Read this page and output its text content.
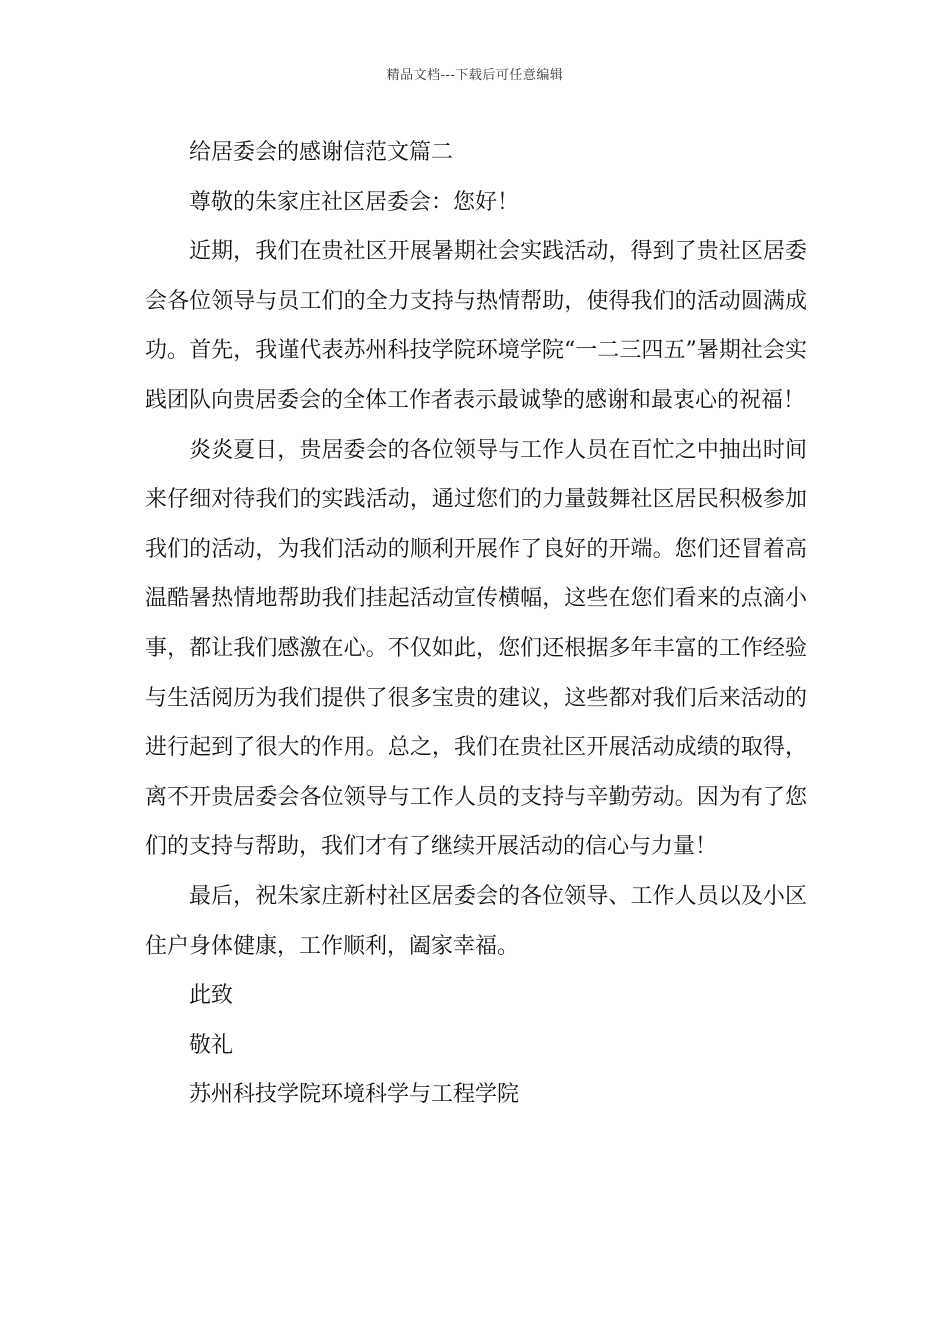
精品文档---下载后可任意编辑

给居委会的感谢信范文篇二

尊敬的朱家庄社区居委会：您好！

近期，我们在贵社区开展暑期社会实践活动，得到了贵社区居委会各位领导与员工们的全力支持与热情帮助，使得我们的活动圆满成功。首先，我谨代表苏州科技学院环境学院“一二三四五”暑期社会实践团队向贵居委会的全体工作者表示最诚挚的感谢和最衷心的祝福！

炎炎夏日，贵居委会的各位领导与工作人员在百忙之中抽出时间来仔细对待我们的实践活动，通过您们的力量鼓舞社区居民积极参加我们的活动，为我们活动的顺利开展作了良好的开端。您们还冒着高温酷暑热情地帮助我们挂起活动宣传横幅，这些在您们看来的点滴小事，都让我们感激在心。不仅如此，您们还根据多年丰富的工作经验与生活阅历为我们提供了很多宝贵的建议，这些都对我们后来活动的进行起到了很大的作用。总之，我们在贵社区开展活动成绩的取得，离不开贵居委会各位领导与工作人员的支持与辛勤劳动。因为有了您们的支持与帮助，我们才有了继续开展活动的信心与力量！

最后，祝朱家庄新村社区居委会的各位领导、工作人员以及小区住户身体健康，工作顺利，阖家幸福。

此致

敬礼

苏州科技学院环境科学与工程学院
